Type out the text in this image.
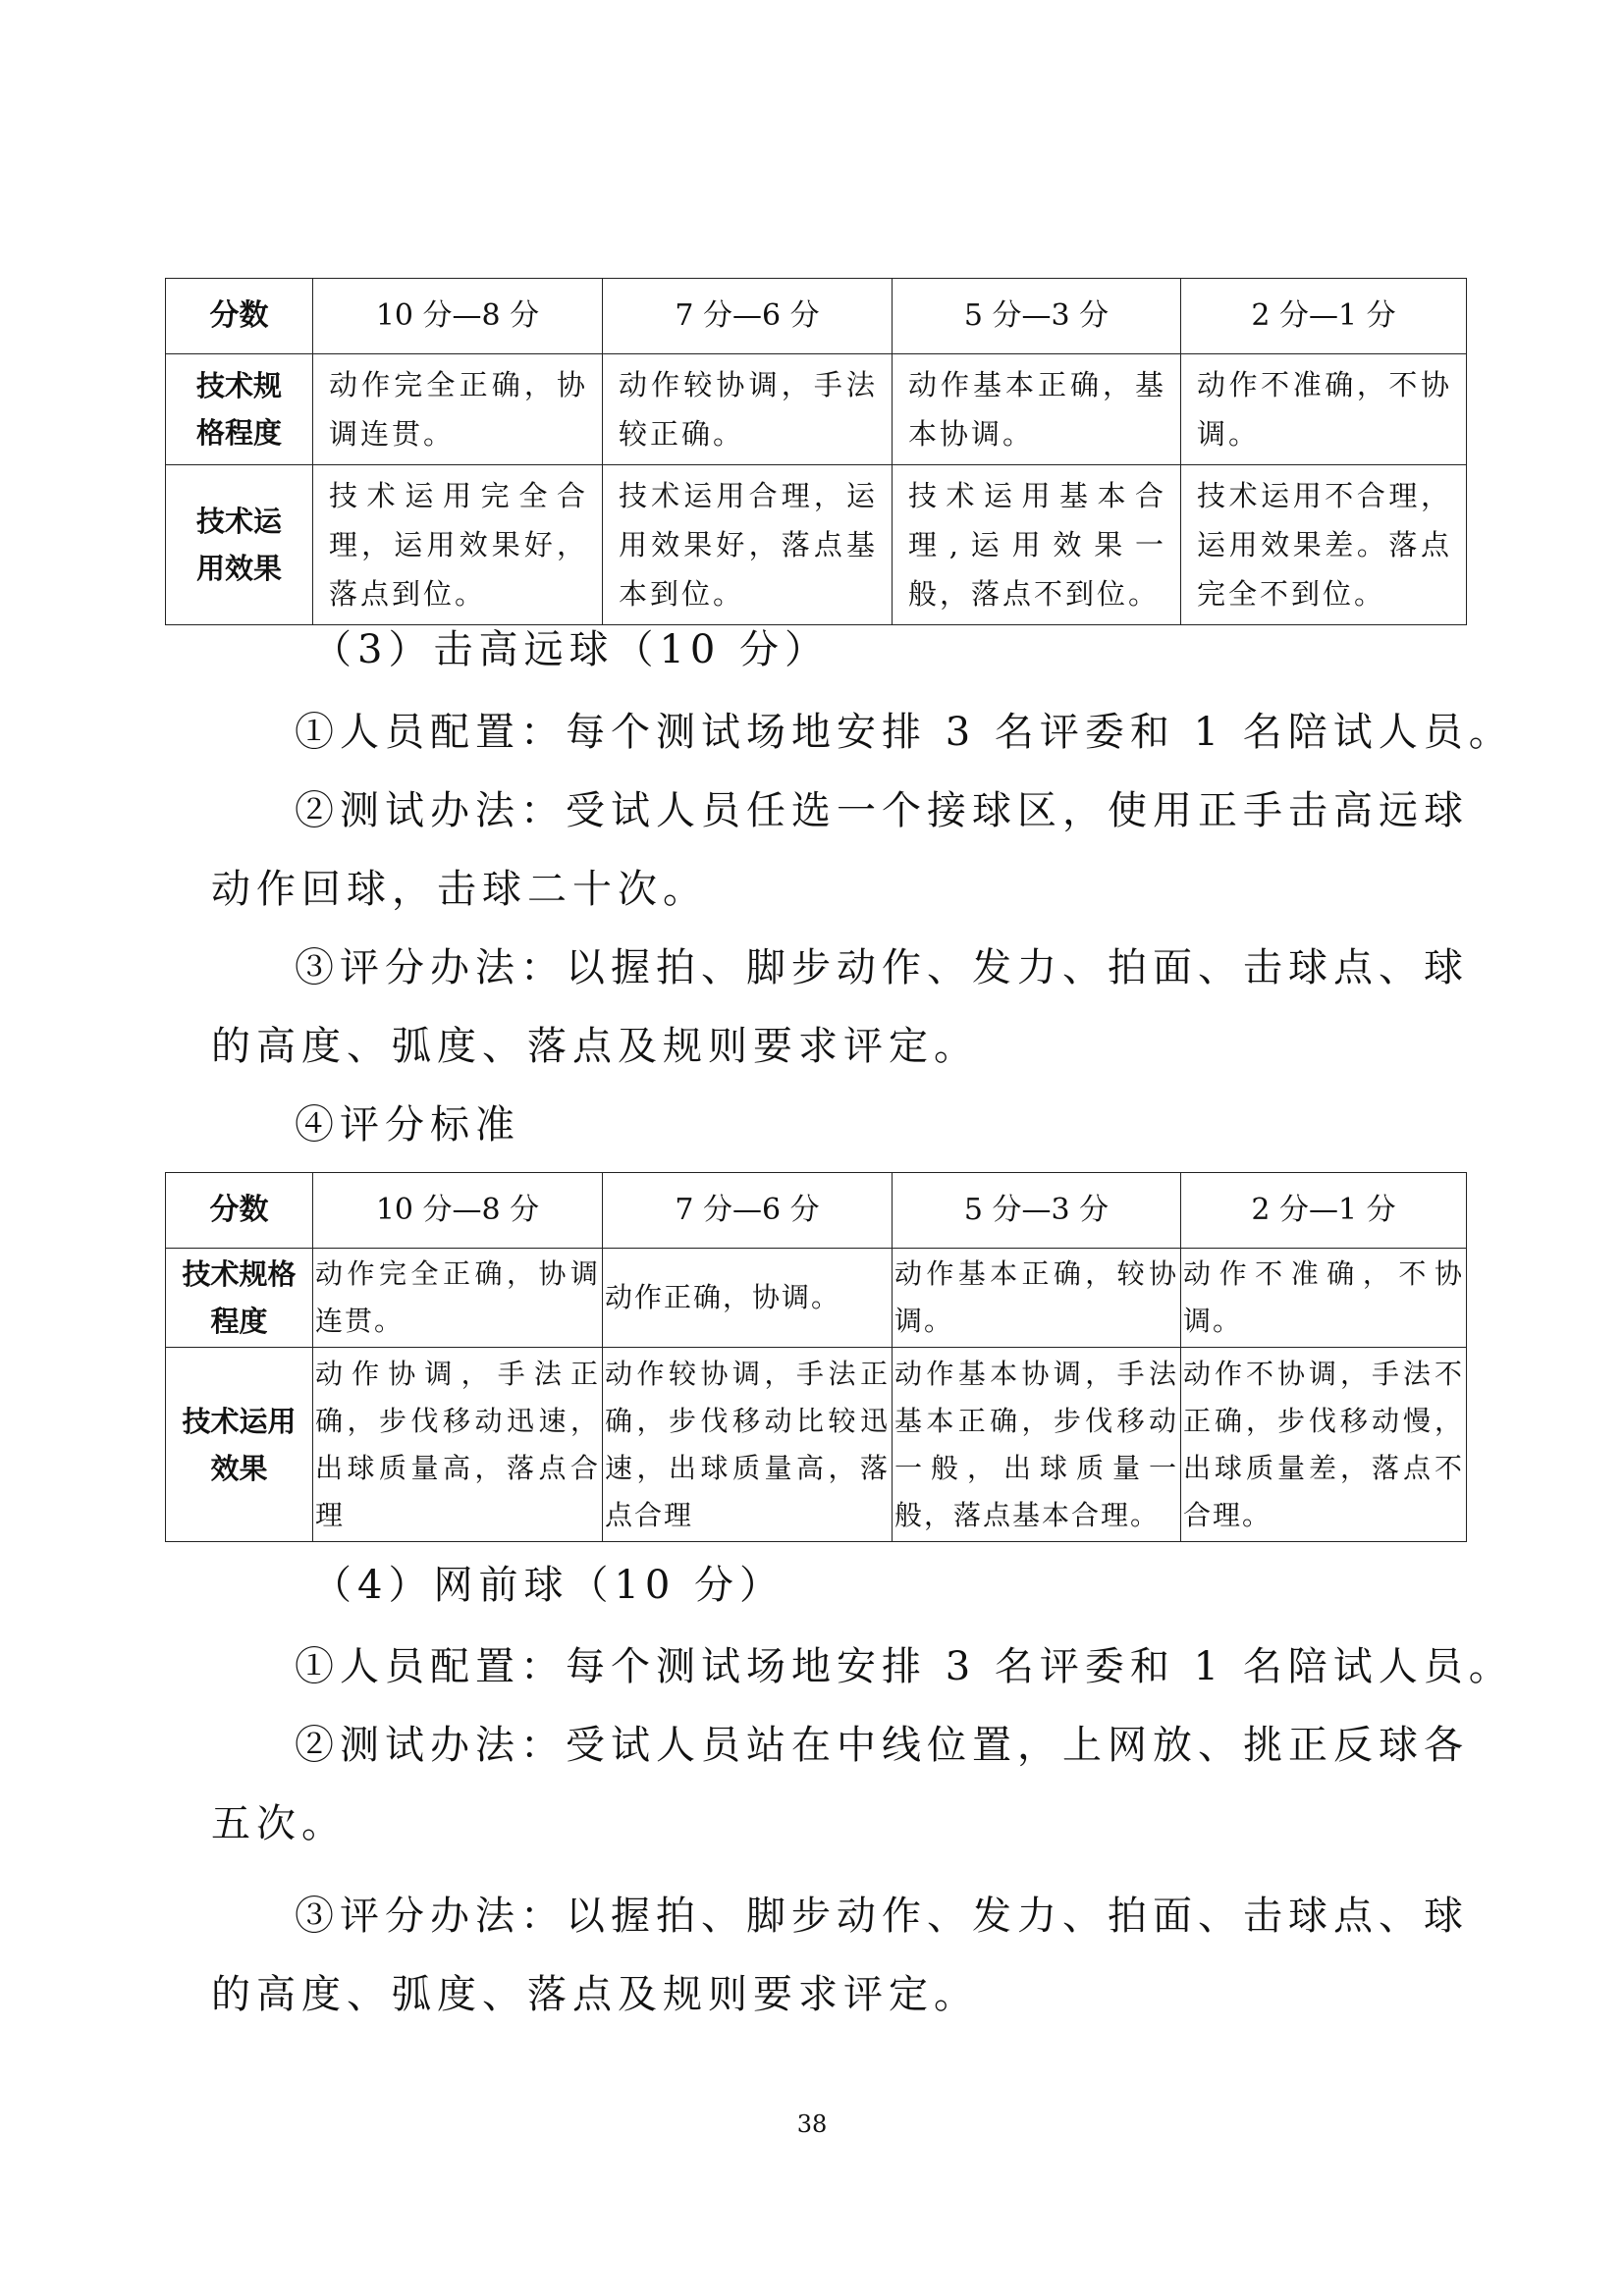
分数	10 分—8 分	7 分—6 分	5 分—3 分	2 分—1 分
技术规格程度	动作完全正确，协调连贯。	动作较协调，手法较正确。	动作基本正确，基本协调。	动作不准确，不协调。
技术运用效果	技术运用完全合理，运用效果好，落点到位。	技术运用合理，运用效果好，落点基本到位。	技术运用基本合理,运用效果一般，落点不到位。	技术运用不合理，运用效果差。落点完全不到位。

（3）击高远球（10 分）

①人员配置：每个测试场地安排 3 名评委和 1 名陪试人员。

②测试办法：受试人员任选一个接球区，使用正手击高远球

动作回球，击球二十次。

③评分办法：以握拍、脚步动作、发力、拍面、击球点、球

的高度、弧度、落点及规则要求评定。

④评分标准

分数	10 分—8 分	7 分—6 分	5 分—3 分	2 分—1 分
技术规格程度	动作完全正确，协调连贯。	动作正确，协调。	动作基本正确，较协调。	动作不准确，不协调。
技术运用效果	动作协调，手法正确，步伐移动迅速，出球质量高，落点合理	动作较协调，手法正确，步伐移动比较迅速，出球质量高，落点合理	动作基本协调，手法基本正确，步伐移动一般，出球质量一般，落点基本合理。	动作不协调，手法不正确，步伐移动慢，出球质量差，落点不合理。

（4）网前球（10 分）

①人员配置：每个测试场地安排 3 名评委和 1 名陪试人员。

②测试办法：受试人员站在中线位置，上网放、挑正反球各

五次。

③评分办法：以握拍、脚步动作、发力、拍面、击球点、球

的高度、弧度、落点及规则要求评定。

38
